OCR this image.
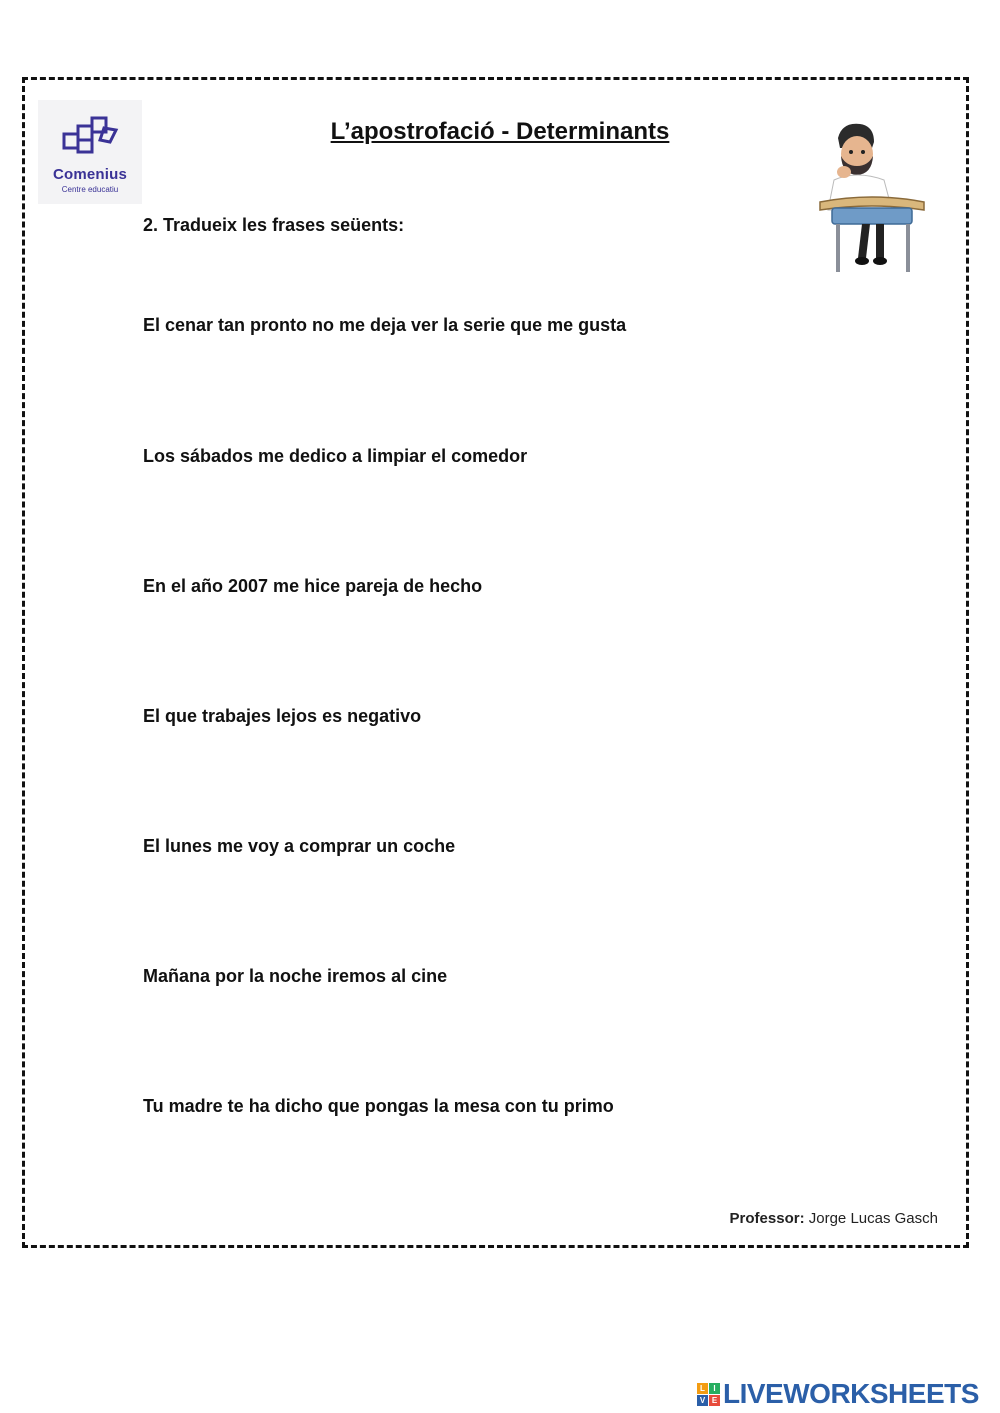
Comenius
Centre educatiu
L’apostrofació - Determinants
2. Tradueix les frases seüents:
El cenar tan pronto no me deja ver la serie que me gusta
Los sábados me dedico a limpiar el comedor
En el año 2007 me hice pareja de hecho
El que trabajes lejos es negativo
El lunes me voy a comprar un coche
Mañana por la noche iremos al cine
Tu madre te ha dicho que pongas la mesa con tu primo
Professor: Jorge Lucas Gasch
L	I
V E LIVEWORKSHEETS
